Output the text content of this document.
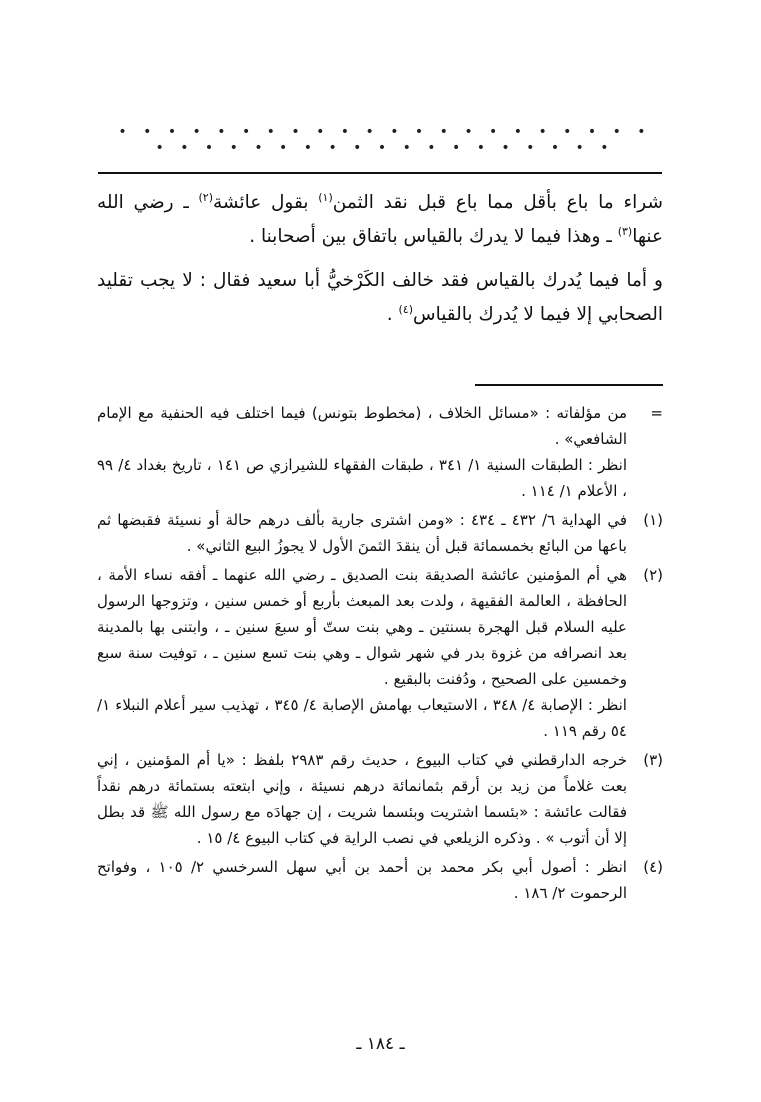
• • • • • • • • • • • • • • • • • • • • • • • • • • • • • • • • • • • • • • • • •

شراء ما باع بأقل مما باع قبل نقد الثمن$^{(١)}$ بقول عائشة$^{(٢)}$ ـ رضي الله عنها$^{(٣)}$ ـ وهذا فيما لا يدرك بالقياس باتفاق بين أصحابنا .

و أما فيما يُدرك بالقياس فقد خالف الكَرْخيُّ أبا سعيد فقال : لا يجب تقليد الصحابي إلا فيما لا يُدرك بالقياس$^{(٤)}$ .

=
من مؤلفاته : «مسائل الخلاف ، (مخطوط بتونس) فيما اختلف فيه الحنفية مع الإمام الشافعي» .
انظر : الطبقات السنية ١/ ٣٤١ ، طبقات الفقهاء للشيرازي ص ١٤١ ، تاريخ بغداد ٤/ ٩٩ ، الأعلام ١/ ١١٤ .
(١)
في الهداية ٦/ ٤٣٢ ـ ٤٣٤ : «ومن اشترى جارية بألف درهم حالة أو نسيئة فقبضها ثم باعها من البائع بخمسمائة قبل أن ينقدَ الثمنَ الأول لا يجوزُ البيع الثاني» .
(٢)
هي أم المؤمنين عائشة الصديقة بنت الصديق ـ رضي الله عنهما ـ أفقه نساء الأمة ، الحافظة ، العالمة الفقيهة ، ولدت بعد المبعث بأربع أو خمس سنين ، وتزوجها الرسول عليه السلام قبل الهجرة بسنتين ـ وهي بنت ستّ أو سبعَ سنين ـ ، وابتنى بها بالمدينة بعد انصرافه من غزوة بدر في شهر شوال ـ وهي بنت تسع سنين ـ ، توفيت سنة سبع وخمسين على الصحيح ، ودُفنت بالبقيع .
انظر : الإصابة ٤/ ٣٤٨ ، الاستيعاب بهامش الإصابة ٤/ ٣٤٥ ، تهذيب سير أعلام النبلاء ١/ ٥٤ رقم ١١٩ .
(٣)
خرجه الدارقطني في كتاب البيوع ، حديث رقم ٢٩٨٣ بلفظ : «يا أم المؤمنين ، إني بعت غلاماً من زيد بن أرقم بثمانمائة درهم نسيئة ، وإني ابتعته بستمائة درهم نقداً فقالت عائشة : «بئسما اشتريت وبئسما شريت ، إن جهادَه مع رسول الله ﷺ قد بطل إلا أن أتوب » . وذكره الزيلعي في نصب الراية في كتاب البيوع ٤/ ١٥ .
(٤)
انظر : أصول أبي بكر محمد بن أحمد بن أبي سهل السرخسي ٢/ ١٠٥ ، وفواتح الرحموت ٢/ ١٨٦ .
ـ ١٨٤ ـ
